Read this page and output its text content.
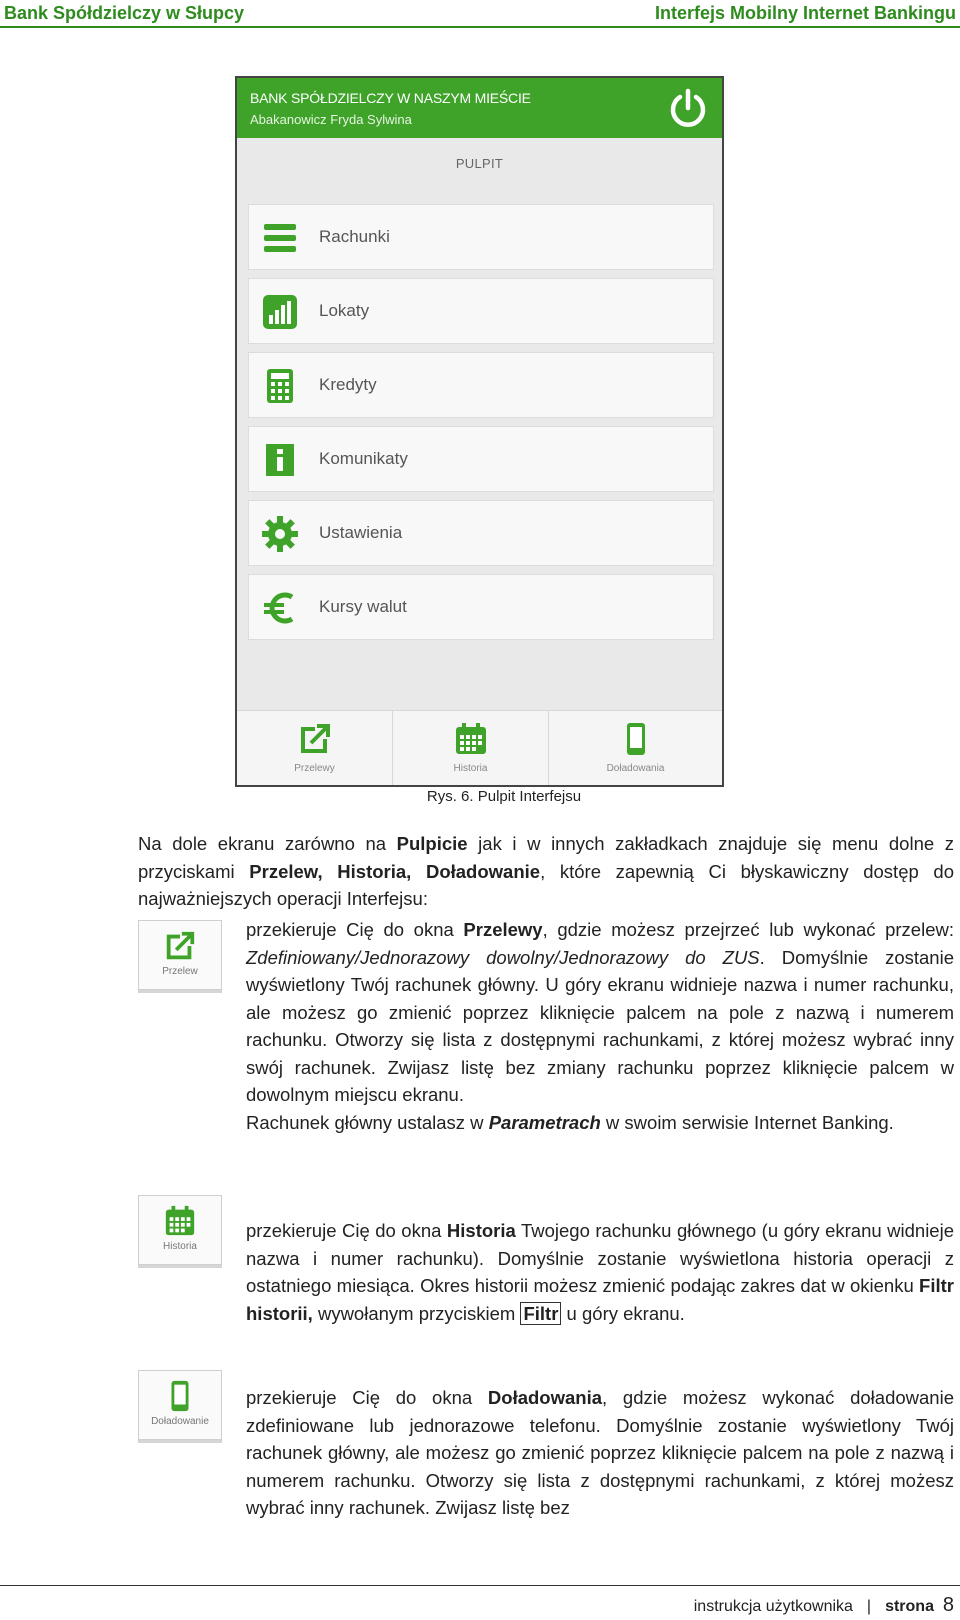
Bank Spółdzielczy w Słupcy	Interfejs Mobilny Internet Bankingu
BANK SPÓŁDZIELCZY W NASZYM MIEŚCIE
Abakanowicz Fryda Sylwina
PULPIT
Rachunki
Lokaty
Kredyty
Komunikaty
Ustawienia
Kursy walut
Przelewy	Historia	Doładowania
Rys. 6. Pulpit Interfejsu

Na dole ekranu zarówno na Pulpicie jak i w innych zakładkach znajduje się menu dolne z przyciskami Przelew, Historia, Doładowanie, które zapewnią Ci błyskawiczny dostęp do najważniejszych operacji Interfejsu:

Przelew

przekieruje Cię do okna Przelewy, gdzie możesz przejrzeć lub wykonać przelew: Zdefiniowany/Jednorazowy dowolny/Jednorazowy do ZUS. Domyślnie zostanie wyświetlony Twój rachunek główny. U góry ekranu widnieje nazwa i numer rachunku, ale możesz go zmienić poprzez kliknięcie palcem na pole z nazwą i numerem rachunku. Otworzy się lista z dostępnymi rachunkami, z której możesz wybrać inny swój rachunek. Zwijasz listę bez zmiany rachunku poprzez kliknięcie palcem w dowolnym miejscu ekranu.

Rachunek główny ustalasz w Parametrach w swoim serwisie Internet Banking.

Historia

przekieruje Cię do okna Historia Twojego rachunku głównego (u góry ekranu widnieje nazwa i numer rachunku). Domyślnie zostanie wyświetlona historia operacji z ostatniego miesiąca. Okres historii możesz zmienić podając zakres dat w okienku Filtr historii, wywołanym przyciskiem Filtr u góry ekranu.

Doładowanie

przekieruje Cię do okna Doładowania, gdzie możesz wykonać doładowanie zdefiniowane lub jednorazowe telefonu. Domyślnie zostanie wyświetlony Twój rachunek główny, ale możesz go zmienić poprzez kliknięcie palcem na pole z nazwą i numerem rachunku. Otworzy się lista z dostępnymi rachunkami, z której możesz wybrać inny rachunek. Zwijasz listę bez

instrukcja użytkownika | strona 8
